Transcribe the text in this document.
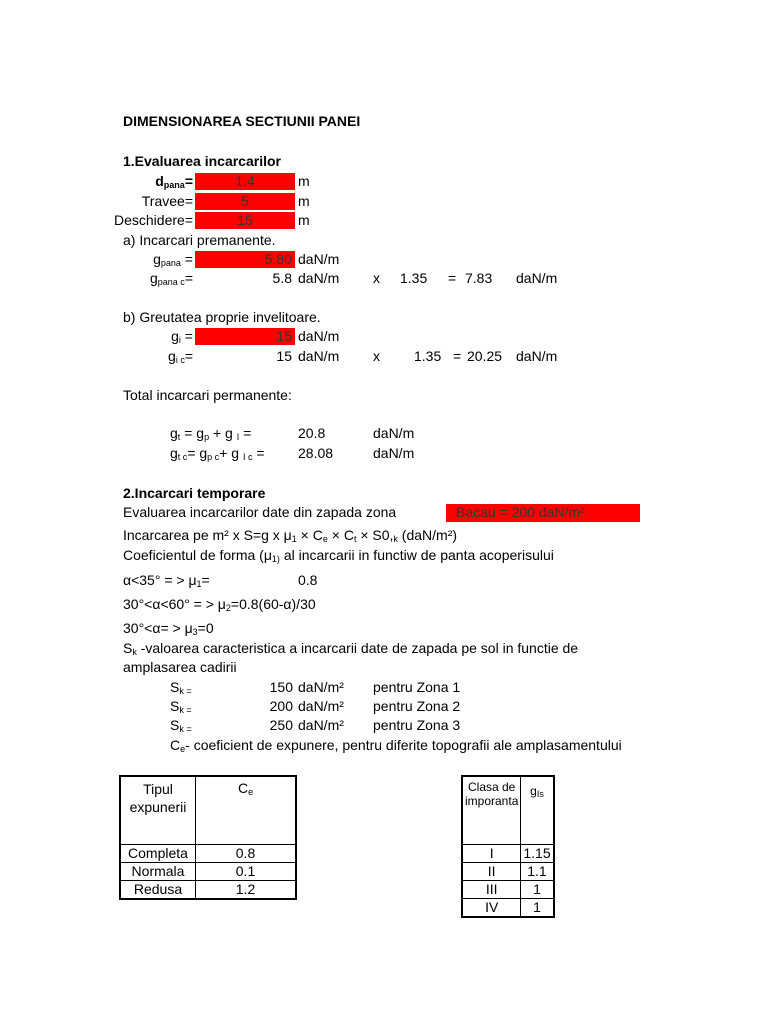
DIMENSIONAREA SECTIUNII PANEI
1.Evaluarea incarcarilor
dpana=	1.4	m
Travee=	5	m
Deschidere=	15	m
a) Incarcari premanente.
$g_{pana}$ =	5.80 daN/m
$g_{pana c}=$	5.8 daN/m x 1.35 = 7.83 daN/m
b) Greutatea proprie invelitoare.
$g_i$ =	15 daN/m
$g_{i c}=$	15 daN/m x 1.35 = 20.25 daN/m
Total incarcari permanente:
$g_t = g_p + g$ $_I$ =	20.8	daN/m
$g_{t c}= g_{p c}+ g$ $_{I c}$ = 28.08	daN/m
2.Incarcari temporare
Evaluarea incarcarilor date din zapada zona	Bacau = 200 daN/m²
Incarcarea pe m² x S=g x $\mu_1 \times C_e \times C_t \times S0,_k$ (daN/m²)
Coeficientul de forma ($\mu_{1)}$ al incarcarii in functiw de panta acoperisului
α<35° = > $\mu_1=$	0.8
30°<α<60° = > $\mu_2=0.8(60-\alpha)/30$
$30^\circ<\alpha= > \mu_3=0$
$S_k$ -valoarea caracteristica a incarcarii date de zapada pe sol in functie de
amplasarea cadirii
$S_{k =}$	150 daN/m² pentru Zona 1
$S_{k =}$	200 daN/m² pentru Zona 2
$S_{k =}$	250 daN/m² pentru Zona 3
$C_e-$ coeficient de expunere, pentru diferite topografii ale amplasamentului
Tipul expunerii	$C_e$
Completa	0.8
Normala	0.1
Redusa	1.2
Clasa de imporanta	$g_{Is}$
I	1.15
II	1.1
III	1
IV	1
